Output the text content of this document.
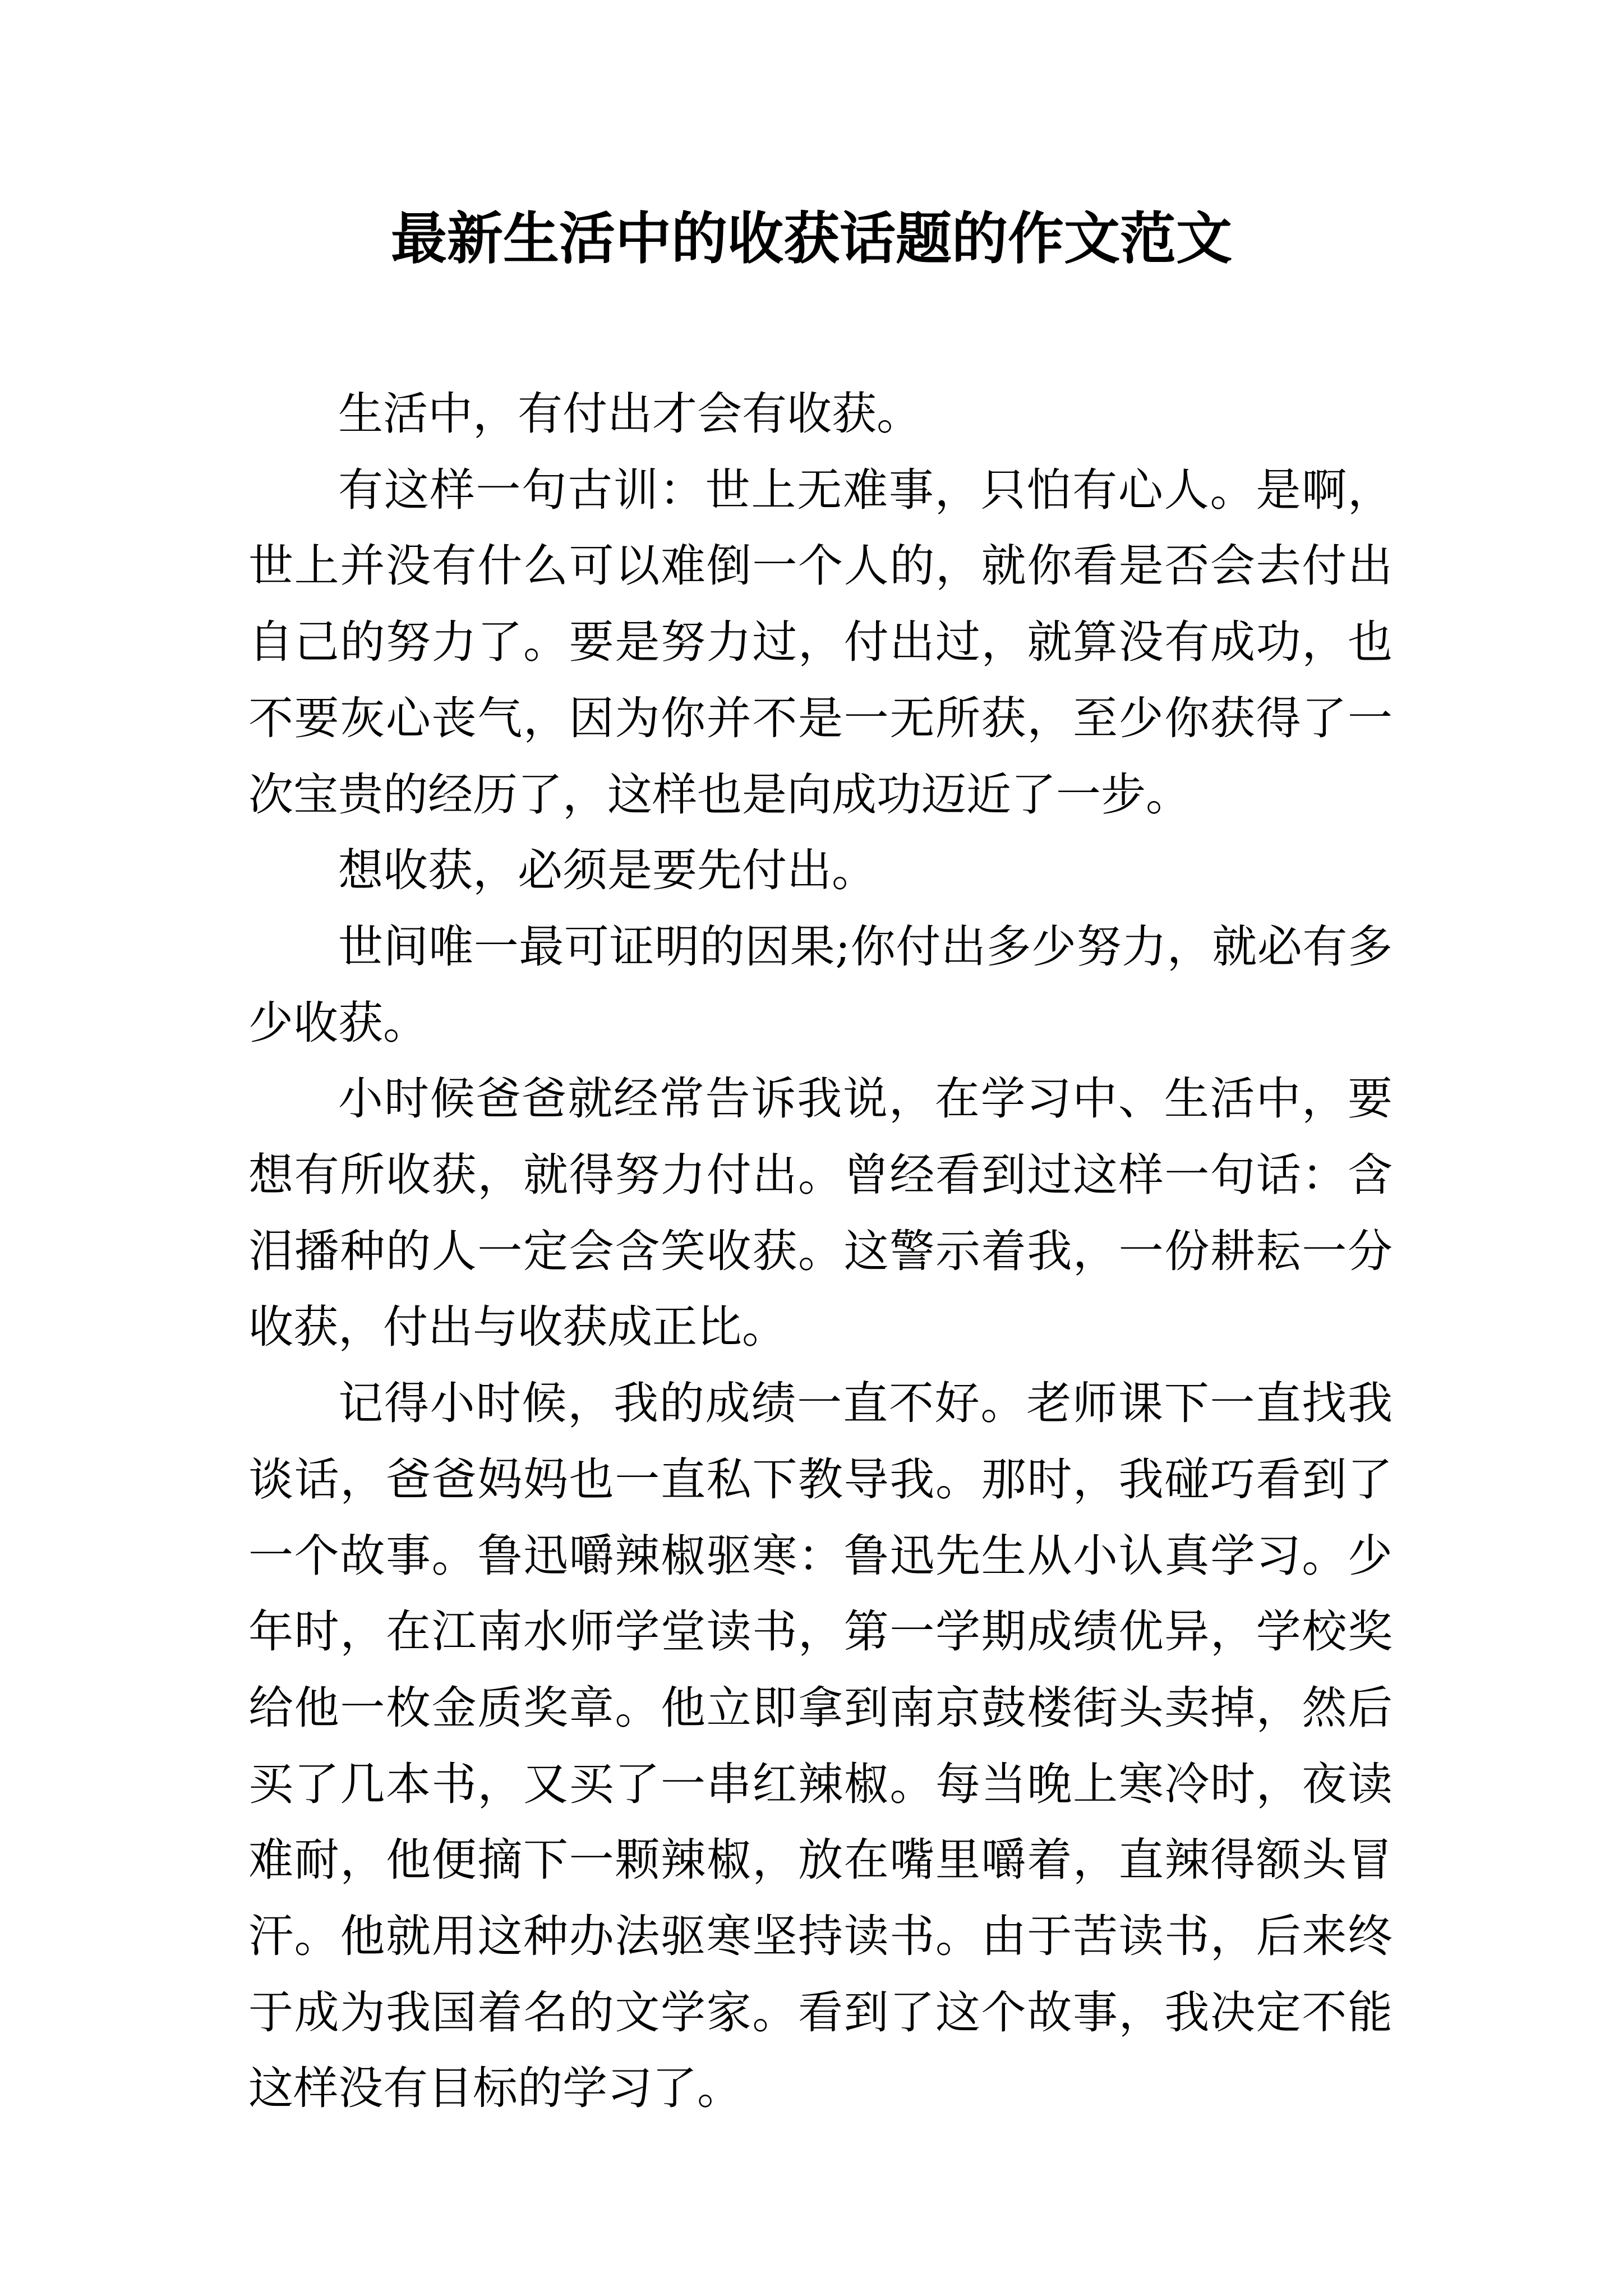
最新生活中的收获话题的作文范文

生活中，有付出才会有收获。

有这样一句古训：世上无难事，只怕有心人。是啊，世上并没有什么可以难倒一个人的，就你看是否会去付出自己的努力了。要是努力过，付出过，就算没有成功，也不要灰心丧气，因为你并不是一无所获，至少你获得了一次宝贵的经历了，这样也是向成功迈近了一步。

想收获，必须是要先付出。

世间唯一最可证明的因果;你付出多少努力，就必有多少收获。

小时候爸爸就经常告诉我说，在学习中、生活中，要想有所收获，就得努力付出。曾经看到过这样一句话：含泪播种的人一定会含笑收获。这警示着我，一份耕耘一分收获，付出与收获成正比。

记得小时候，我的成绩一直不好。老师课下一直找我谈话，爸爸妈妈也一直私下教导我。那时，我碰巧看到了一个故事。鲁迅嚼辣椒驱寒：鲁迅先生从小认真学习。少年时，在江南水师学堂读书，第一学期成绩优异，学校奖给他一枚金质奖章。他立即拿到南京鼓楼街头卖掉，然后买了几本书，又买了一串红辣椒。每当晚上寒冷时，夜读难耐，他便摘下一颗辣椒，放在嘴里嚼着，直辣得额头冒汗。他就用这种办法驱寒坚持读书。由于苦读书，后来终于成为我国着名的文学家。看到了这个故事，我决定不能这样没有目标的学习了。
